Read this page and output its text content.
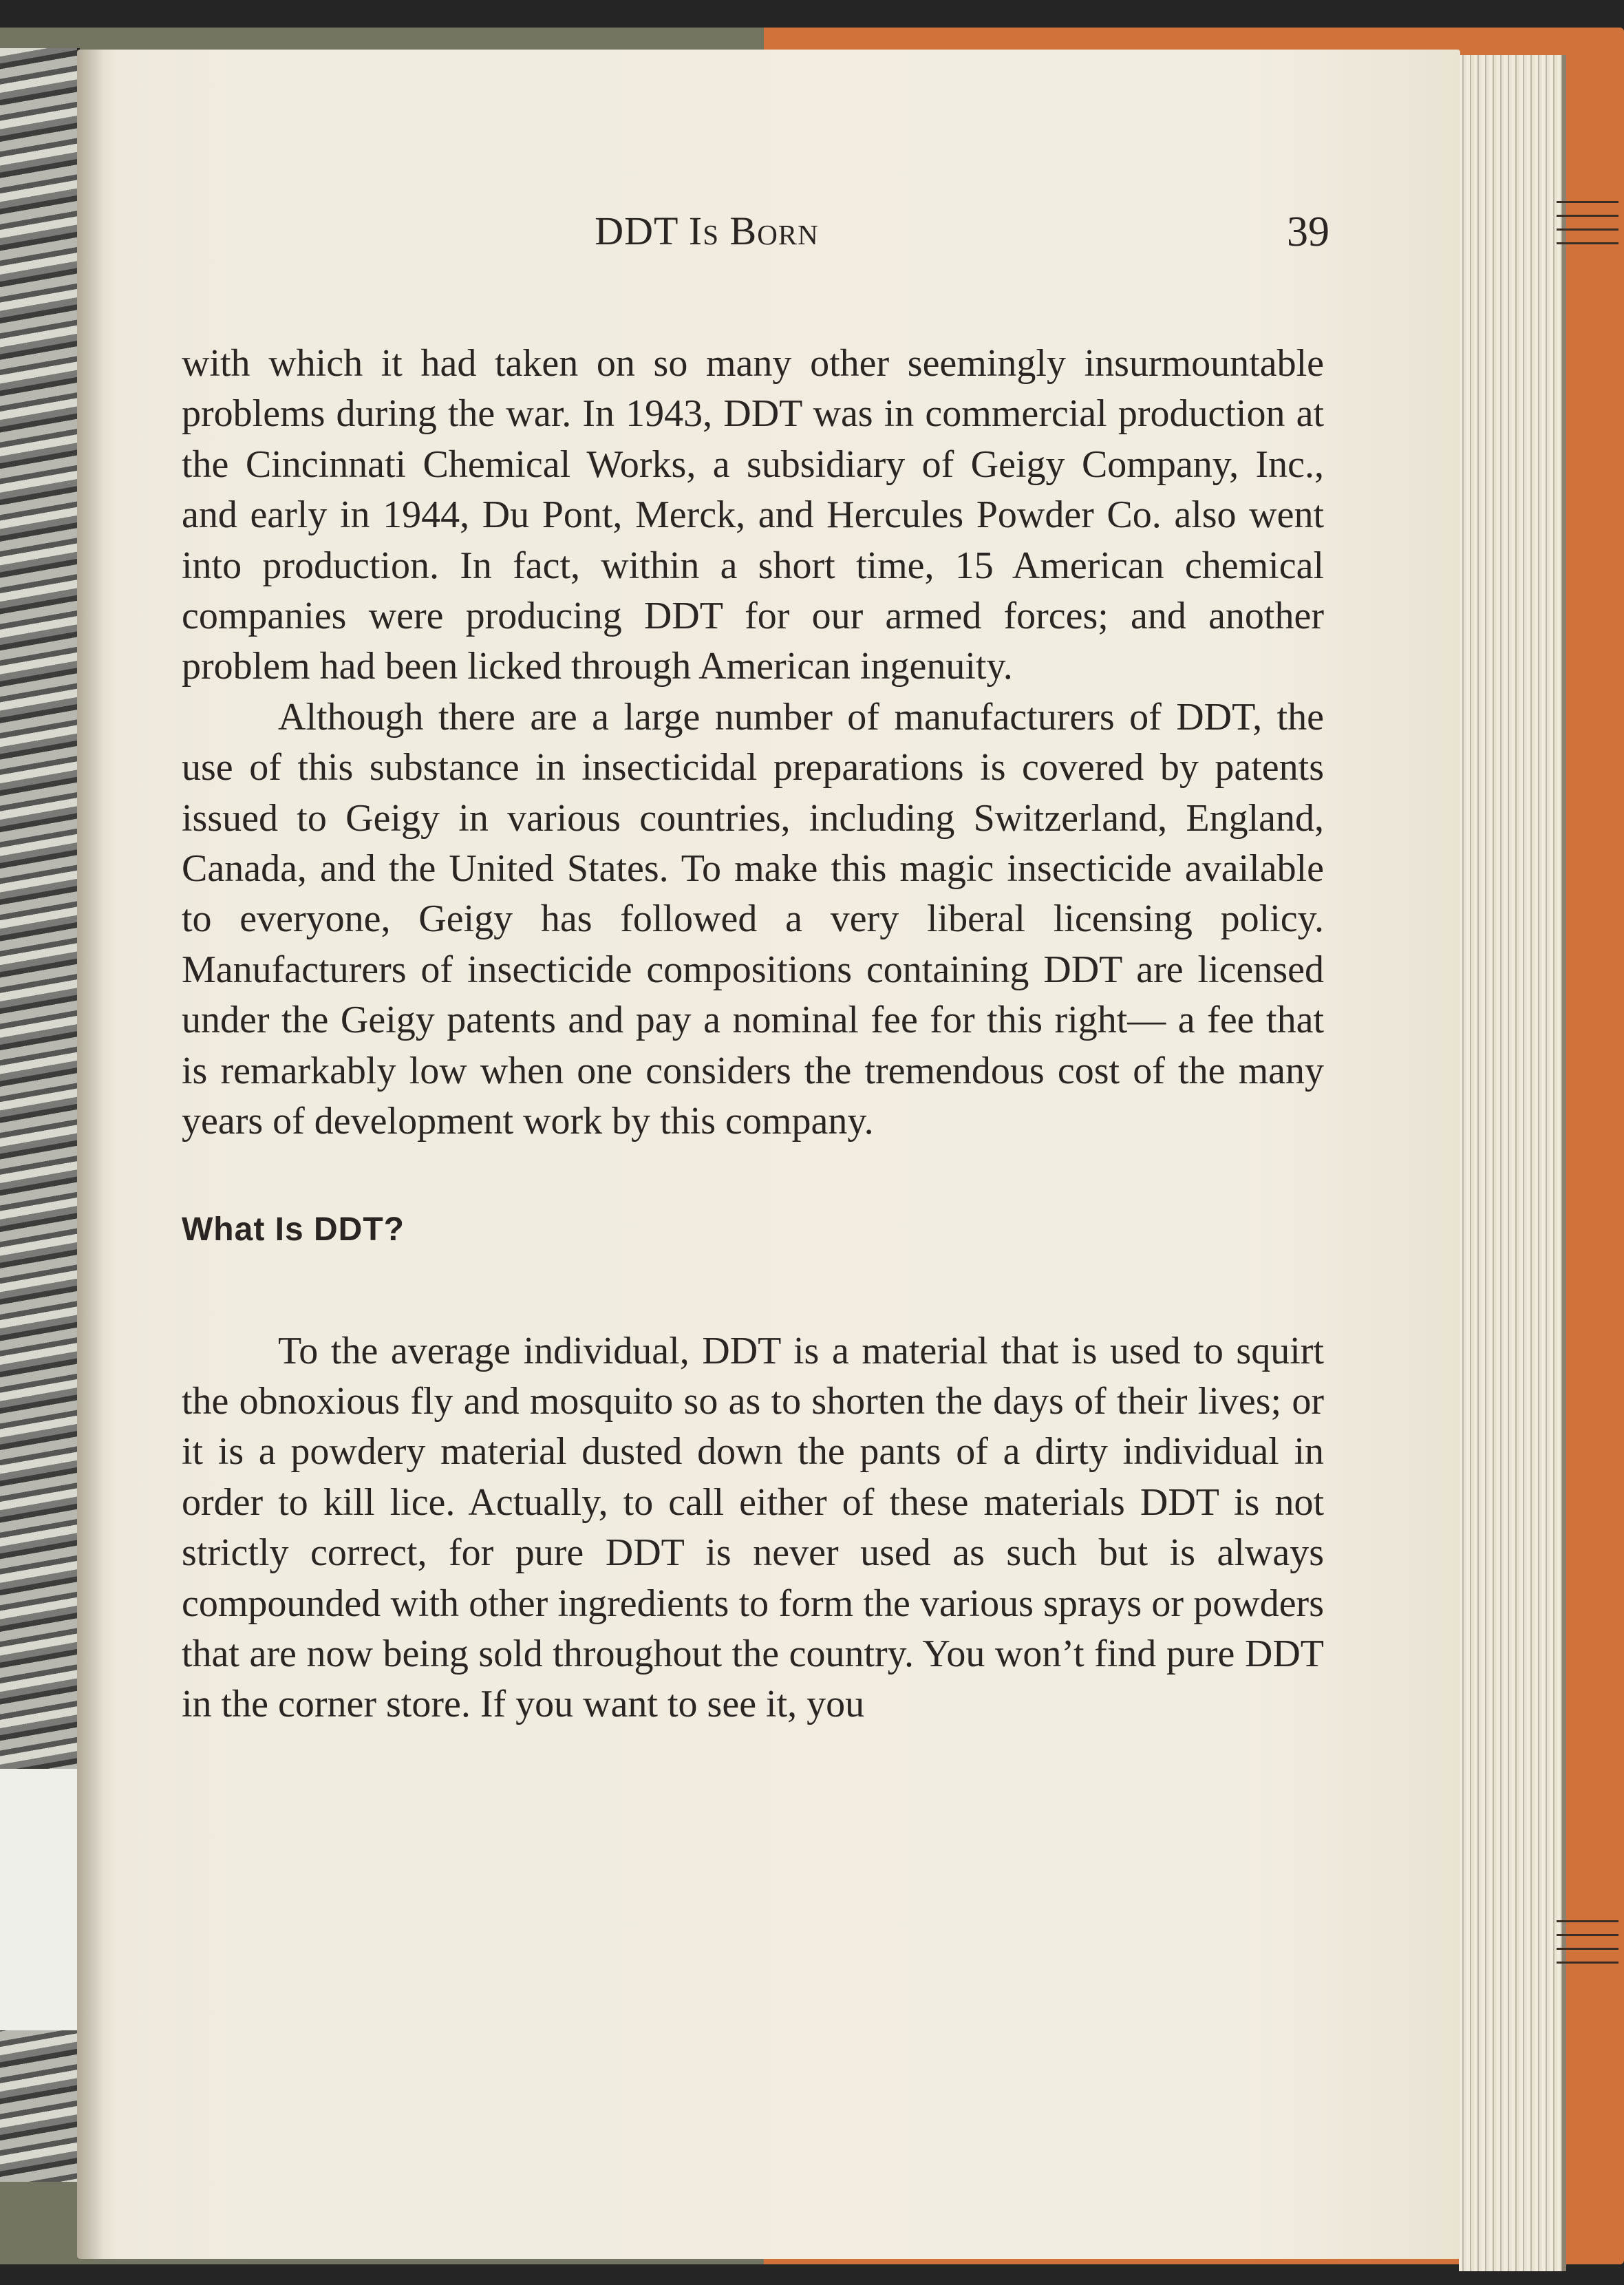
DDT Is Born	39

with which it had taken on so many other seemingly insurmountable problems during the war. In 1943, DDT was in commercial production at the Cincinnati Chemical Works, a subsidiary of Geigy Company, Inc., and early in 1944, Du Pont, Merck, and Hercules Powder Co. also went into production. In fact, within a short time, 15 American chemical companies were producing DDT for our armed forces; and another problem had been licked through American ingenuity.

Although there are a large number of manufacturers of DDT, the use of this substance in insecticidal preparations is covered by patents issued to Geigy in various countries, including Switzerland, England, Canada, and the United States. To make this magic insecticide available to everyone, Geigy has followed a very liberal licensing policy. Manufacturers of insecticide compositions containing DDT are licensed under the Geigy patents and pay a nominal fee for this right— a fee that is remarkably low when one considers the tremendous cost of the many years of development work by this company.

What Is DDT?

To the average individual, DDT is a material that is used to squirt the obnoxious fly and mosquito so as to shorten the days of their lives; or it is a powdery material dusted down the pants of a dirty individual in order to kill lice. Actually, to call either of these materials DDT is not strictly correct, for pure DDT is never used as such but is always compounded with other ingredients to form the various sprays or powders that are now being sold throughout the country. You won’t find pure DDT in the corner store. If you want to see it, you
